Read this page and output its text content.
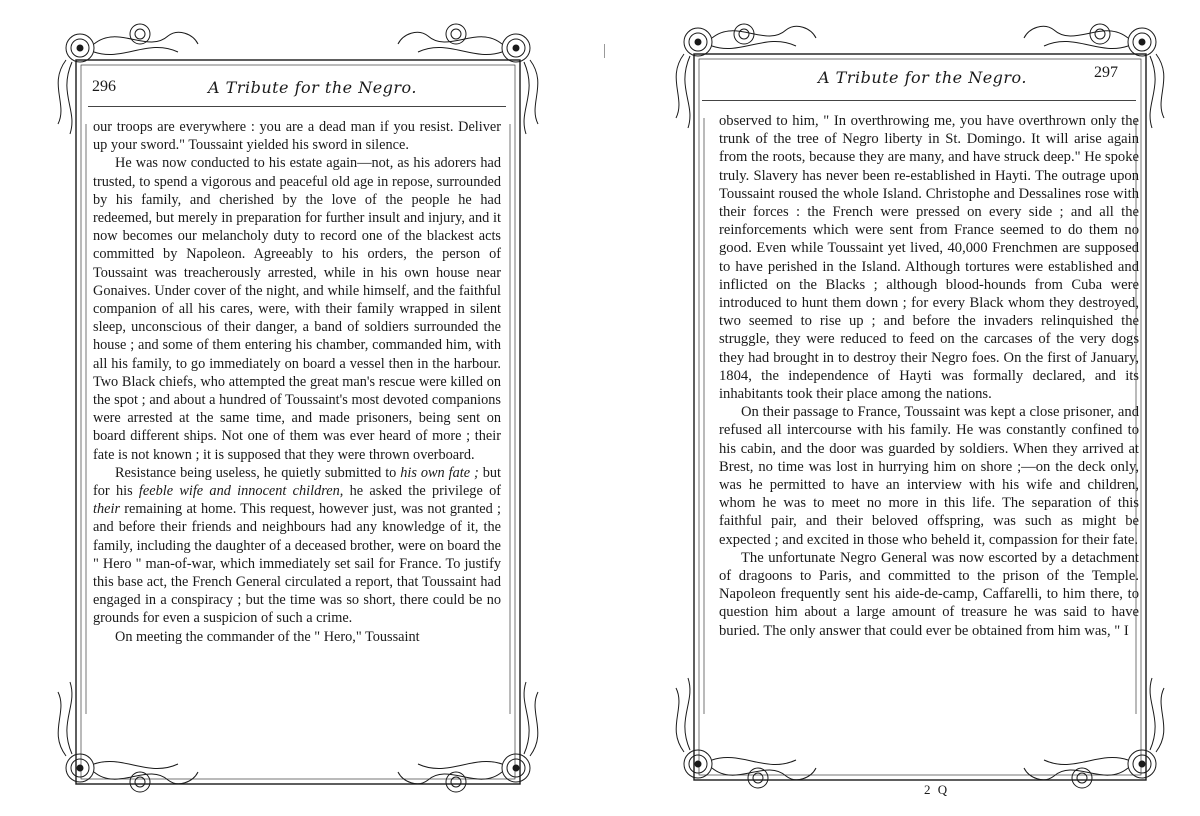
296	A Tribute for the Negro.

our troops are everywhere : you are a dead man if you resist. Deliver up your sword." Toussaint yielded his sword in silence.

He was now conducted to his estate again—not, as his adorers had trusted, to spend a vigorous and peaceful old age in repose, surrounded by his family, and cherished by the love of the people he had redeemed, but merely in preparation for further insult and injury, and it now becomes our melancholy duty to record one of the blackest acts committed by Napoleon. Agreeably to his orders, the person of Toussaint was treacherously arrested, while in his own house near Gonaives. Under cover of the night, and while himself, and the faithful companion of all his cares, were, with their family wrapped in silent sleep, unconscious of their danger, a band of soldiers surrounded the house ; and some of them entering his chamber, commanded him, with all his family, to go immediately on board a vessel then in the harbour. Two Black chiefs, who attempted the great man's rescue were killed on the spot ; and about a hundred of Toussaint's most devoted companions were arrested at the same time, and made prisoners, being sent on board different ships. Not one of them was ever heard of more ; their fate is not known ; it is supposed that they were thrown overboard.

Resistance being useless, he quietly submitted to his own fate ; but for his feeble wife and innocent children, he asked the privilege of their remaining at home. This request, however just, was not granted ; and before their friends and neighbours had any knowledge of it, the family, including the daughter of a deceased brother, were on board the " Hero " man-of-war, which immediately set sail for France. To justify this base act, the French General circulated a report, that Toussaint had engaged in a conspiracy ; but the time was so short, there could be no grounds for even a suspicion of such a crime.

On meeting the commander of the " Hero," Toussaint

A Tribute for the Negro.	297

observed to him, " In overthrowing me, you have overthrown only the trunk of the tree of Negro liberty in St. Domingo. It will arise again from the roots, because they are many, and have struck deep." He spoke truly. Slavery has never been re-established in Hayti. The outrage upon Toussaint roused the whole Island. Christophe and Dessalines rose with their forces : the French were pressed on every side ; and all the reinforcements which were sent from France seemed to do them no good. Even while Toussaint yet lived, 40,000 Frenchmen are supposed to have perished in the Island. Although tortures were established and inflicted on the Blacks ; although blood-hounds from Cuba were introduced to hunt them down ; for every Black whom they destroyed, two seemed to rise up ; and before the invaders relinquished the struggle, they were reduced to feed on the carcases of the very dogs they had brought in to destroy their Negro foes. On the first of January, 1804, the independence of Hayti was formally declared, and its inhabitants took their place among the nations.

On their passage to France, Toussaint was kept a close prisoner, and refused all intercourse with his family. He was constantly confined to his cabin, and the door was guarded by soldiers. When they arrived at Brest, no time was lost in hurrying him on shore ;—on the deck only, was he permitted to have an interview with his wife and children, whom he was to meet no more in this life. The separation of this faithful pair, and their beloved offspring, was such as might be expected ; and excited in those who beheld it, compassion for their fate.

The unfortunate Negro General was now escorted by a detachment of dragoons to Paris, and committed to the prison of the Temple. Napoleon frequently sent his aide-de-camp, Caffarelli, to him there, to question him about a large amount of treasure he was said to have buried. The only answer that could ever be obtained from him was, " I

2 Q
